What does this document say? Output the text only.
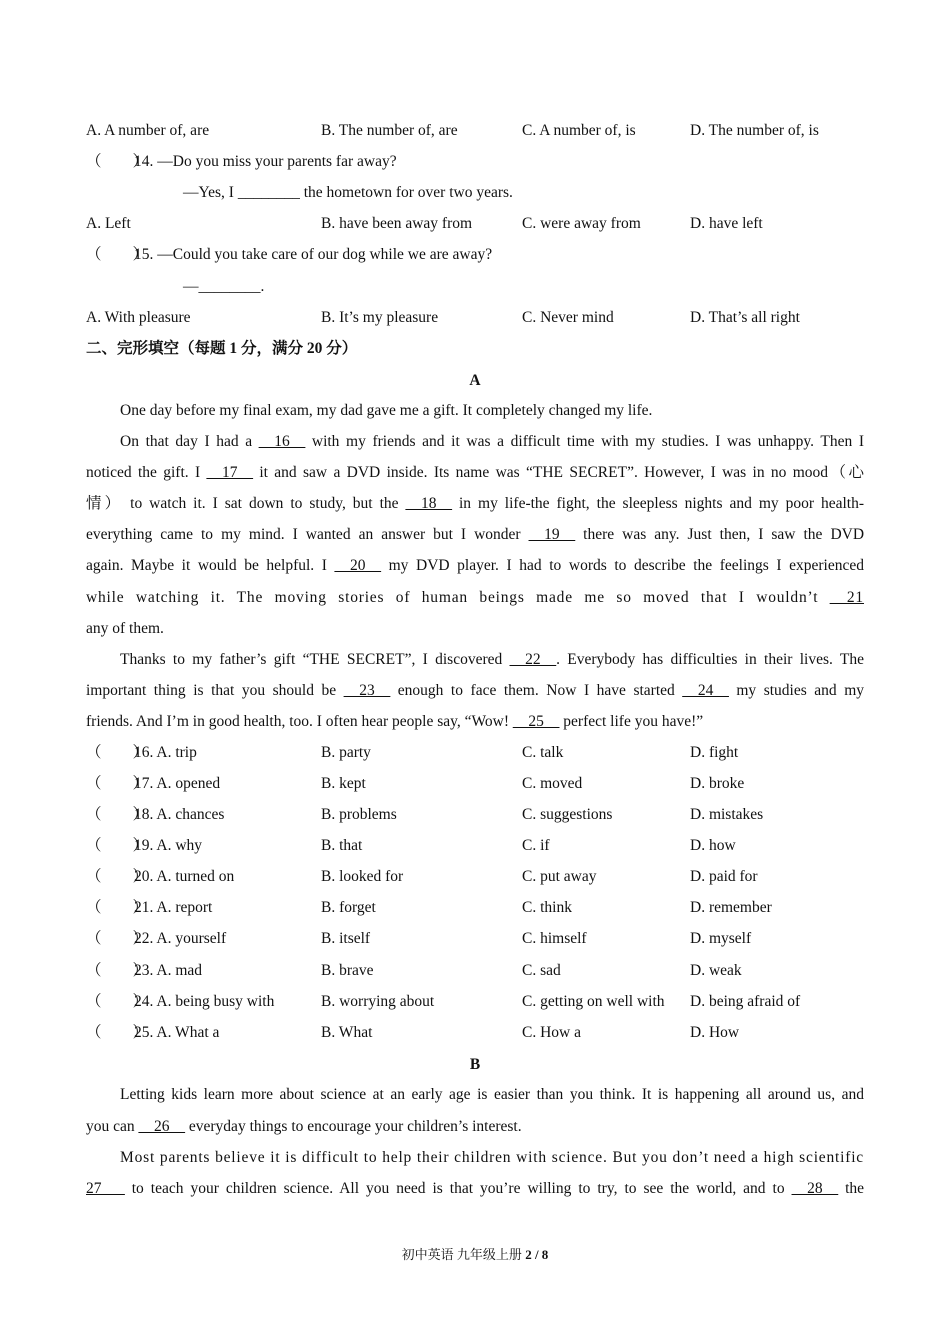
A. A number of, are	B. The number of, are	C. A number of, is	D. The number of, is
（　　）14. —Do you miss your parents far away?
—Yes, I ________ the hometown for over two years.
A. Left	B. have been away from	C. were away from	D. have left
（　　）15. —Could you take care of our dog while we are away?
—________.
A. With pleasure	B. It’s my pleasure	C. Never mind	D. That’s all right
二、完形填空（每题 1 分，满分 20 分）
A
One day before my final exam, my dad gave me a gift. It completely changed my life.
On that day I had a __16__ with my friends and it was a difficult time with my studies. I was unhappy. Then I
noticed the gift. I __17__ it and saw a DVD inside. Its name was “THE SECRET”. However, I was in no mood（心
情） to watch it. I sat down to study, but the __18__ in my life-the fight, the sleepless nights and my poor health-
everything came to my mind. I wanted an answer but I wonder __19__ there was any. Just then, I saw the DVD
again. Maybe it would be helpful. I __20__ my DVD player. I had to words to describe the feelings I experienced
while watching it. The moving stories of human beings made me so moved that I wouldn’t __21
any of them.
Thanks to my father’s gift “THE SECRET”, I discovered __22__. Everybody has difficulties in their lives. The
important thing is that you should be __23__ enough to face them. Now I have started __24__ my studies and my
friends. And I’m in good health, too. I often hear people say, “Wow! __25__ perfect life you have!”
（　　）16. A. trip	B. party	C. talk	D. fight
（　　）17. A. opened	B. kept	C. moved	D. broke
（　　）18. A. chances	B. problems	C. suggestions	D. mistakes
（　　）19. A. why	B. that	C. if	D. how
（　　）20. A. turned on	B. looked for	C. put away	D. paid for
（　　）21. A. report	B. forget	C. think	D. remember
（　　）22. A. yourself	B. itself	C. himself	D. myself
（　　）23. A. mad	B. brave	C. sad	D. weak
（　　）24. A. being busy with	B. worrying about	C. getting on well with D. being afraid of
（　　）25. A. What a	B. What	C. How a	D. How
B
Letting kids learn more about science at an early age is easier than you think. It is happening all around us, and
you can __26__ everyday things to encourage your children’s interest.
Most parents believe it is difficult to help their children with science. But you don’t need a high scientific
27___ to teach your children science. All you need is that you’re willing to try, to see the world, and to __28__ the
初中英语 九年级上册 2 / 8
